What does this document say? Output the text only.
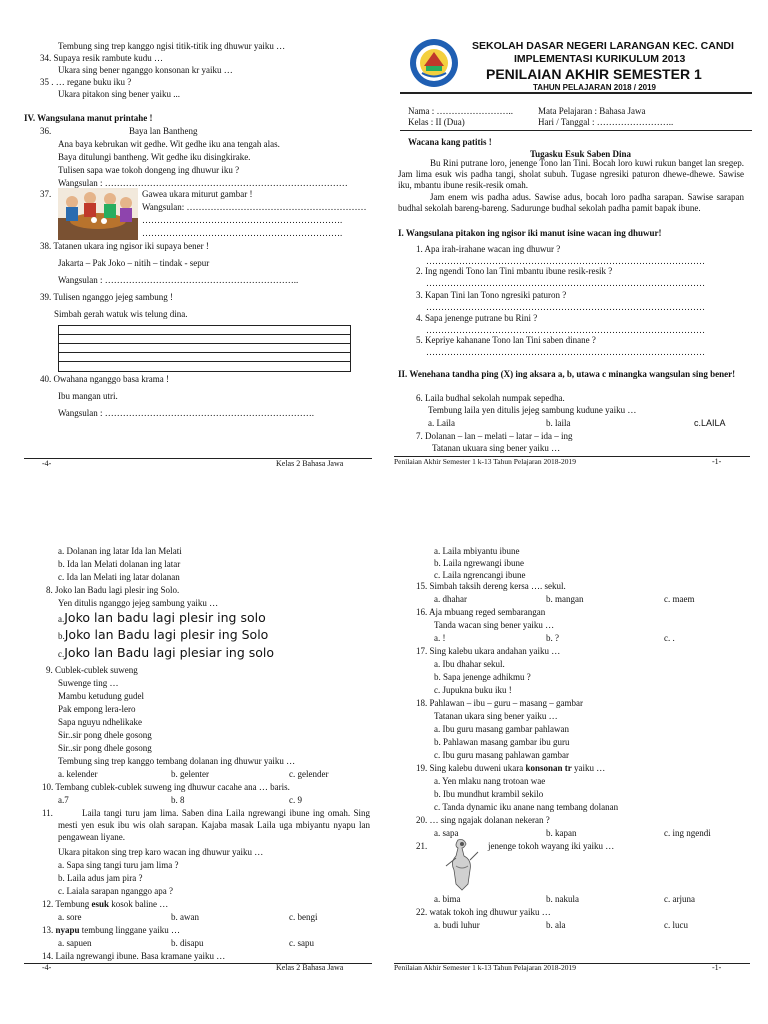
Tembung sing trep kanggo ngisi titik-titik ing dhuwur yaiku …
34. Supaya resik rambute kudu …
Ukara sing bener nganggo konsonan kr yaiku …
35 . … regane buku iku ?
Ukara pitakon sing bener yaiku ...
IV. Wangsulana manut printahe !
36.	Baya lan Bantheng
Ana baya kebrukan wit gedhe. Wit gedhe iku ana tengah alas.
Baya ditulungi bantheng. Wit gedhe iku disingkirake.
Tulisen sapa wae tokoh dongeng ing dhuwur iku ?
Wangsulan : ………………………………………………………………………
37.	Gawea ukara miturut gambar !
Wangsulan: ……………………………………………………
………………………………………………………….
………………………………………………………….
38. Tatanen ukara ing ngisor iki supaya bener !
Jakarta – Pak Joko – nitih – tindak - sepur
Wangsulan : ………………………………………………………..
39. Tulisen nganggo jejeg sambung !
Simbah gerah watuk wis telung dina.
40. Owahana nganggo basa krama !
Ibu mangan utri.
Wangsulan : …………………………………………………………….
-4-	Kelas 2 Bahasa Jawa
SEKOLAH DASAR NEGERI LARANGAN KEC. CANDI
IMPLEMENTASI KURIKULUM 2013
PENILAIAN AKHIR SEMESTER 1
TAHUN PELAJARAN 2018 / 2019
Nama : ……………………..
Kelas : II (Dua)
Mata Pelajaran : Bahasa Jawa
Hari / Tanggal : ……………………..
Wacana kang patitis !
Tugasku Esuk Saben Dina
Bu Rini putrane loro, jenenge Tono lan Tini. Bocah loro kuwi rukun banget lan sregep. Jam lima esuk wis padha tangi, sholat subuh. Tugase ngresiki paturon dhewe-dhewe. Sawise iku, mbantu ibune resik-resik omah.
Jam enem wis padha adus. Sawise adus, bocah loro padha sarapan. Sawise sarapan budhal sekolah bareng-bareng. Sadurunge budhal sekolah padha pamit bapak ibune.
I. Wangsulana pitakon ing ngisor iki manut isine wacan ing dhuwur!
1. Apa irah-irahane wacan ing dhuwur ?
…………………………………………………………………………………
2. Ing ngendi Tono lan Tini mbantu ibune resik-resik ?
…………………………………………………………………………………
3. Kapan Tini lan Tono ngresiki paturon ?
…………………………………………………………………………………
4. Sapa jenenge putrane bu Rini ?
…………………………………………………………………………………
5. Kepriye kahanane Tono lan Tini saben dinane ?
…………………………………………………………………………………
II. Wenehana tandha ping (X) ing aksara a, b, utawa c minangka wangsulan sing bener!
6. Laila budhal sekolah numpak sepedha.
Tembung laila yen ditulis jejeg sambung kudune yaiku …
a. Laila	b. laila	c.LAILA
7. Dolanan – lan – melati – latar – ida – ing
Tatanan ukuara sing bener yaiku …
Penilaian Akhir Semester 1 k-13 Tahun Pelajaran 2018-2019	-1-
a. Dolanan ing latar Ida lan Melati
b. Ida lan Melati dolanan ing latar
c. Ida lan Melati ing latar dolanan
8. Joko lan Badu lagi plesir ing Solo.
Yen ditulis nganggo jejeg sambung yaiku …
a.Joko lan badu lagi plesir ing solo
b.Joko lan Badu lagi plesir ing Solo
c.Joko lan Badu lagi plesiar ing solo
9. Cublek-cublek suweng
Suwenge ting …
Mambu ketudung gudel
Pak empong lera-lero
Sapa nguyu ndhelikake
Sir..sir pong dhele gosong
Sir..sir pong dhele gosong
Tembung sing trep kanggo tembang dolanan ing dhuwur yaiku …
a. kelender	b. gelenter	c. gelender
10. Tembang cublek-cublek suweng ing dhuwur cacahe ana … baris.
a.7	b. 8	c. 9
11.	Laila tangi turu jam lima. Saben dina Laila ngrewangi ibune ing omah. Sing mesti yen esuk ibu wis olah sarapan. Kajaba masak Laila uga mbiyantu nyapu lan pengawean liyane.
Ukara pitakon sing trep karo wacan ing dhuwur yaiku …
a. Sapa sing tangi turu jam lima ?
b. Laila adus jam pira ?
c. Laiala sarapan nganggo apa ?
12. Tembung esuk kosok baline …
a. sore	b. awan	c. bengi
13. nyapu tembung linggane yaiku …
a. sapuen	b. disapu	c. sapu
14. Laila ngrewangi ibune. Basa kramane yaiku …
-4-	Kelas 2 Bahasa Jawa
a. Laila mbiyantu ibune
b. Laila ngrewangi ibune
c. Laila ngrencangi ibune
15. Simbah taksih dereng kersa …. sekul.
a. dhahar	b. mangan	c. maem
16. Aja mbuang reged sembarangan
Tanda wacan sing bener yaiku …
a. !	b. ?	c. .
17. Sing kalebu ukara andahan yaiku …
a. Ibu dhahar sekul.
b. Sapa jenenge adhikmu ?
c. Jupukna buku iku !
18. Pahlawan – ibu – guru – masang – gambar
Tatanan ukara sing bener yaiku …
a. Ibu guru masang gambar pahlawan
b. Pahlawan masang gambar ibu guru
c. Ibu guru masang pahlawan gambar
19. Sing kalebu duweni ukara konsonan tr yaiku …
a. Yen mlaku nang trotoan wae
b. Ibu mundhut krambil sekilo
c. Tanda dynamic iku anane nang tembang dolanan
20. … sing ngajak dolanan nekeran ?
a. sapa	b. kapan	c. ing ngendi
21.	jenenge tokoh wayang iki yaiku …
a. bima	b. nakula	c. arjuna
22. watak tokoh ing dhuwur yaiku …
a. budi luhur	b. ala	c. lucu
Penilaian Akhir Semester 1 k-13 Tahun Pelajaran 2018-2019	-1-
